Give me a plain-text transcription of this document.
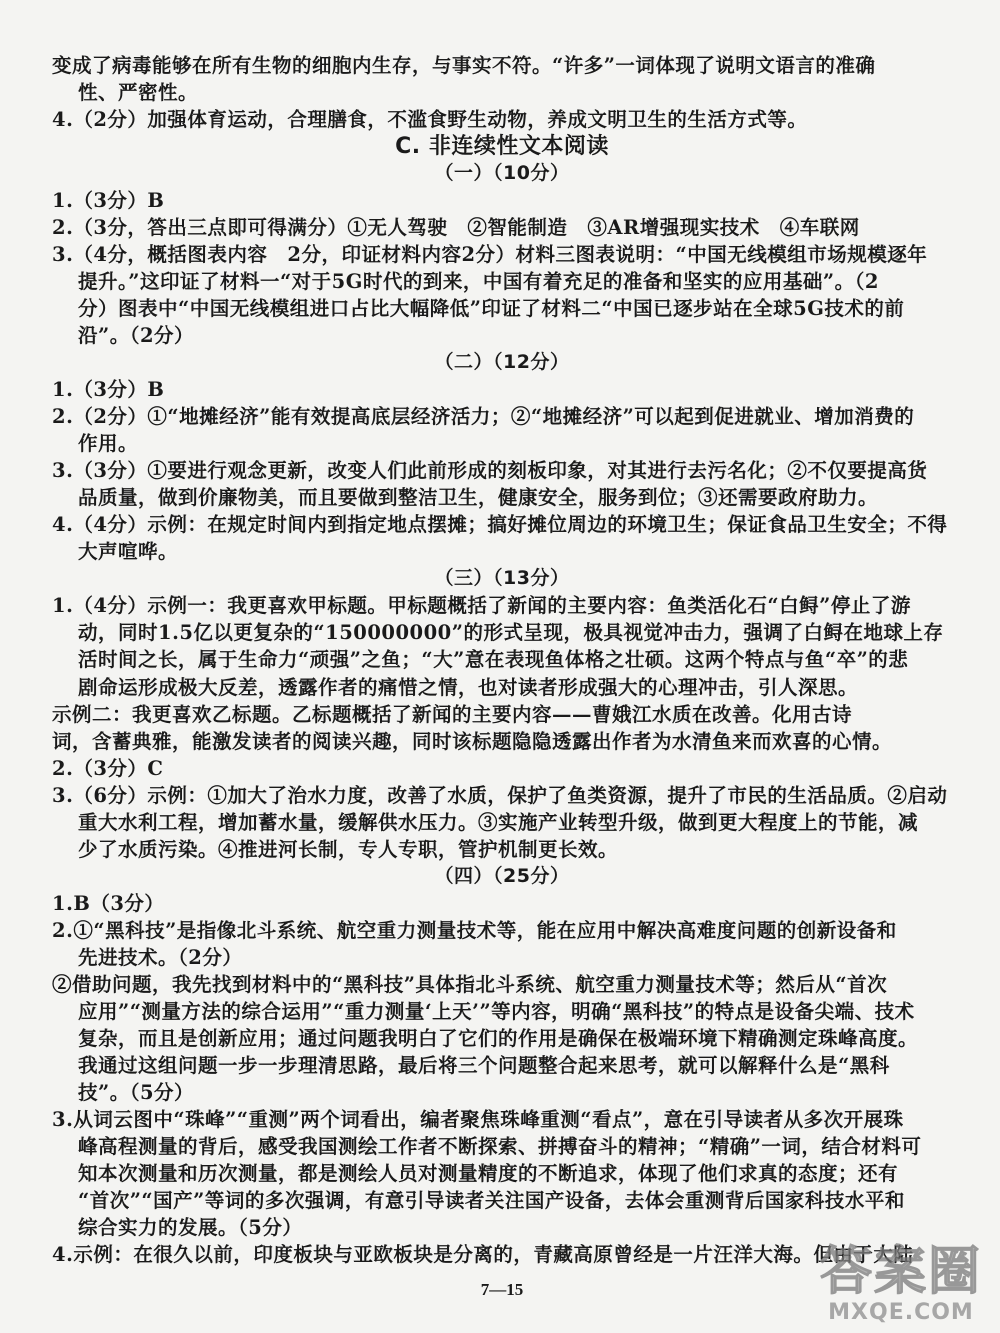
变成了病毒能够在所有生物的细胞内生存，与事实不符。“许多”一词体现了说明文语言的准确
性、严密性。
4.（2分）加强体育运动，合理膳食，不滥食野生动物，养成文明卫生的生活方式等。
C. 非连续性文本阅读
（一）（10分）
1.（3分）B
2.（3分，答出三点即可得满分）①无人驾驶　②智能制造　③AR增强现实技术　④车联网
3.（4分，概括图表内容　2分，印证材料内容2分）材料三图表说明：“中国无线模组市场规模逐年
提升。”这印证了材料一“对于5G时代的到来，中国有着充足的准备和坚实的应用基础”。（2
分）图表中“中国无线模组进口占比大幅降低”印证了材料二“中国已逐步站在全球5G技术的前
沿”。（2分）
（二）（12分）
1.（3分）B
2.（2分）①“地摊经济”能有效提高底层经济活力；②“地摊经济”可以起到促进就业、增加消费的
作用。
3.（3分）①要进行观念更新，改变人们此前形成的刻板印象，对其进行去污名化；②不仅要提高货
品质量，做到价廉物美，而且要做到整洁卫生，健康安全，服务到位；③还需要政府助力。
4.（4分）示例：在规定时间内到指定地点摆摊；搞好摊位周边的环境卫生；保证食品卫生安全；不得
大声喧哗。
（三）（13分）
1.（4分）示例一：我更喜欢甲标题。甲标题概括了新闻的主要内容：鱼类活化石“白鲟”停止了游
动，同时1.5亿以更复杂的“150000000”的形式呈现，极具视觉冲击力，强调了白鲟在地球上存
活时间之长，属于生命力“顽强”之鱼；“大”意在表现鱼体格之壮硕。这两个特点与鱼“卒”的悲
剧命运形成极大反差，透露作者的痛惜之情，也对读者形成强大的心理冲击，引人深思。
示例二：我更喜欢乙标题。乙标题概括了新闻的主要内容——曹娥江水质在改善。化用古诗
词，含蓄典雅，能激发读者的阅读兴趣，同时该标题隐隐透露出作者为水清鱼来而欢喜的心情。
2.（3分）C
3.（6分）示例：①加大了治水力度，改善了水质，保护了鱼类资源，提升了市民的生活品质。②启动
重大水利工程，增加蓄水量，缓解供水压力。③实施产业转型升级，做到更大程度上的节能，减
少了水质污染。④推进河长制，专人专职，管护机制更长效。
（四）（25分）
1.B（3分）
2.①“黑科技”是指像北斗系统、航空重力测量技术等，能在应用中解决高难度问题的创新设备和
先进技术。（2分）
②借助问题，我先找到材料中的“黑科技”具体指北斗系统、航空重力测量技术等；然后从“首次
应用”“测量方法的综合运用”“重力测量‘上天’”等内容，明确“黑科技”的特点是设备尖端、技术
复杂，而且是创新应用；通过问题我明白了它们的作用是确保在极端环境下精确测定珠峰高度。
我通过这组问题一步一步理清思路，最后将三个问题整合起来思考，就可以解释什么是“黑科
技”。（5分）
3.从词云图中“珠峰”“重测”两个词看出，编者聚焦珠峰重测“看点”，意在引导读者从多次开展珠
峰高程测量的背后，感受我国测绘工作者不断探索、拼搏奋斗的精神；“精确”一词，结合材料可
知本次测量和历次测量，都是测绘人员对测量精度的不断追求，体现了他们求真的态度；还有
“首次”“国产”等词的多次强调，有意引导读者关注国产设备，去体会重测背后国家科技水平和
综合实力的发展。（5分）
4.示例：在很久以前，印度板块与亚欧板块是分离的，青藏高原曾经是一片汪洋大海。但由于大陆
7—15	答案圈
MXQE.COM
